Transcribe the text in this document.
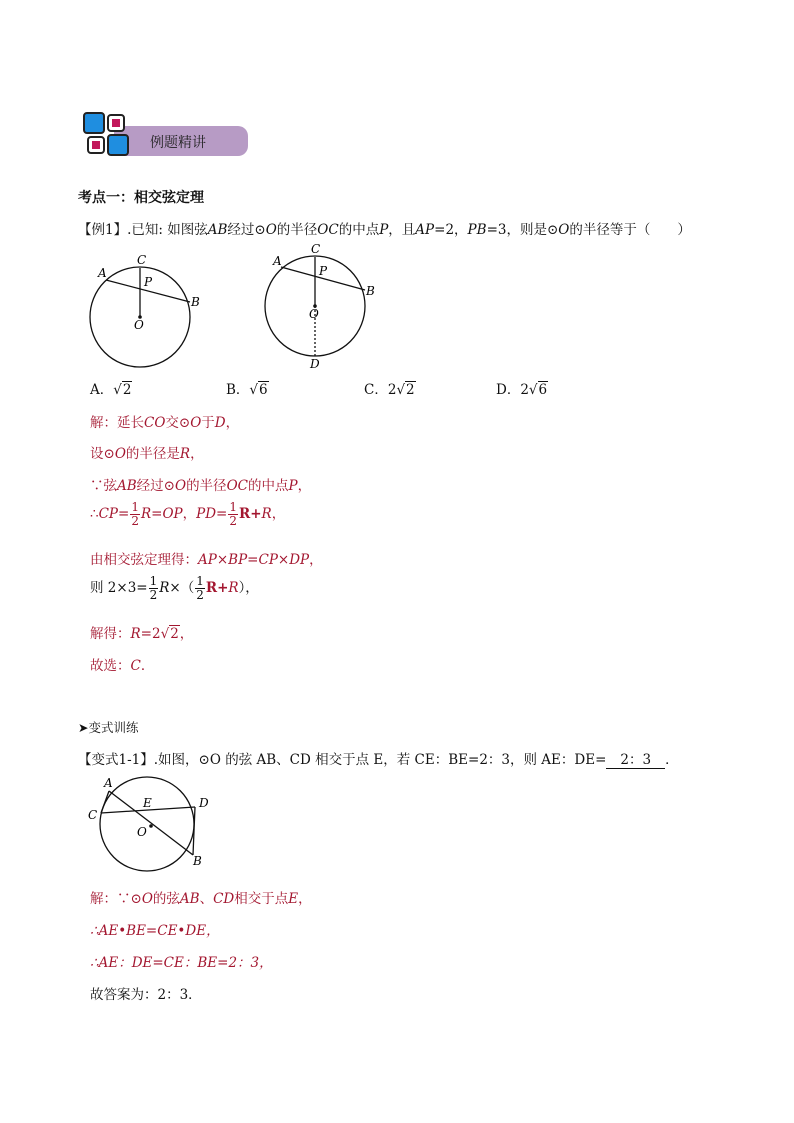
例题精讲
考点一：相交弦定理
【例1】.已知: 如图弦AB经过⊙O的半径OC的中点P，且AP=2，PB=3，则是⊙O的半径等于（　　）
C
A
P
B
O
C
A
P
B
O
D
A．√2	B．√6	C．2√2	D．2√6
解：延长CO交⊙O于D，
设⊙O的半径是R，
∵弦AB经过⊙O的半径OC的中点P，
∴CP= $\frac{1}{2} R=OP$，$PD= \frac{1}{2} R+R$，
由相交弦定理得：AP×BP=CP×DP，
则 $2\times 3= \frac{1}{2} R\times( \frac{1}{2} R+R)$，
解得：R=2√2，
故选：C．
➤变式训练
【变式1-1】.如图，⊙O 的弦 AB、CD 相交于点 E，若 CE：BE=2：3，则 AE：DE= 2：3 ．
A
C
E	D
O
B
解：∵⊙O的弦AB、CD相交于点E，
∴AE•BE=CE•DE，
∴AE：DE=CE：BE=2：3，
故答案为：2：3．
